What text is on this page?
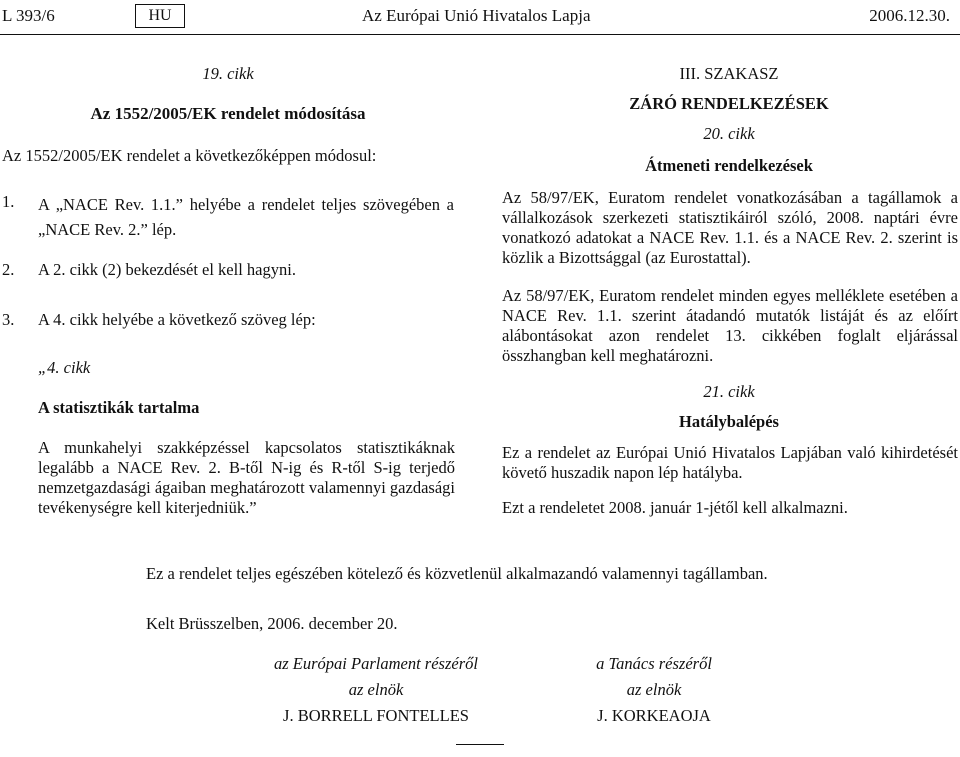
L 393/6	HU	Az Európai Unió Hivatalos Lapja	2006.12.30.
19. cikk
Az 1552/2005/EK rendelet módosítása
Az 1552/2005/EK rendelet a következőképpen módosul:
1. A „NACE Rev. 1.1.” helyébe a rendelet teljes szövegében a „NACE Rev. 2.” lép.
2. A 2. cikk (2) bekezdését el kell hagyni.
3. A 4. cikk helyébe a következő szöveg lép:
„4. cikk
A statisztikák tartalma
A munkahelyi szakképzéssel kapcsolatos statisztikáknak legalább a NACE Rev. 2. B-től N-ig és R-től S-ig terjedő nemzetgazdasági ágaiban meghatározott valamennyi gazdasági tevékenységre kell kiterjedniük.”
III. SZAKASZ
ZÁRÓ RENDELKEZÉSEK
20. cikk
Átmeneti rendelkezések
Az 58/97/EK, Euratom rendelet vonatkozásában a tagállamok a vállalkozások szerkezeti statisztikáiról szóló, 2008. naptári évre vonatkozó adatokat a NACE Rev. 1.1. és a NACE Rev. 2. szerint is közlik a Bizottsággal (az Eurostattal).
Az 58/97/EK, Euratom rendelet minden egyes melléklete esetében a NACE Rev. 1.1. szerint átadandó mutatók listáját és az előírt alábontásokat azon rendelet 13. cikkében foglalt eljárással összhangban kell meghatározni.
21. cikk
Hatálybalépés
Ez a rendelet az Európai Unió Hivatalos Lapjában való kihirdetését követő huszadik napon lép hatályba.
Ezt a rendeletet 2008. január 1-jétől kell alkalmazni.
Ez a rendelet teljes egészében kötelező és közvetlenül alkalmazandó valamennyi tagállamban.
Kelt Brüsszelben, 2006. december 20.
az Európai Parlament részéről
az elnök
J. BORRELL FONTELLES
a Tanács részéről
az elnök
J. KORKEAOJA
